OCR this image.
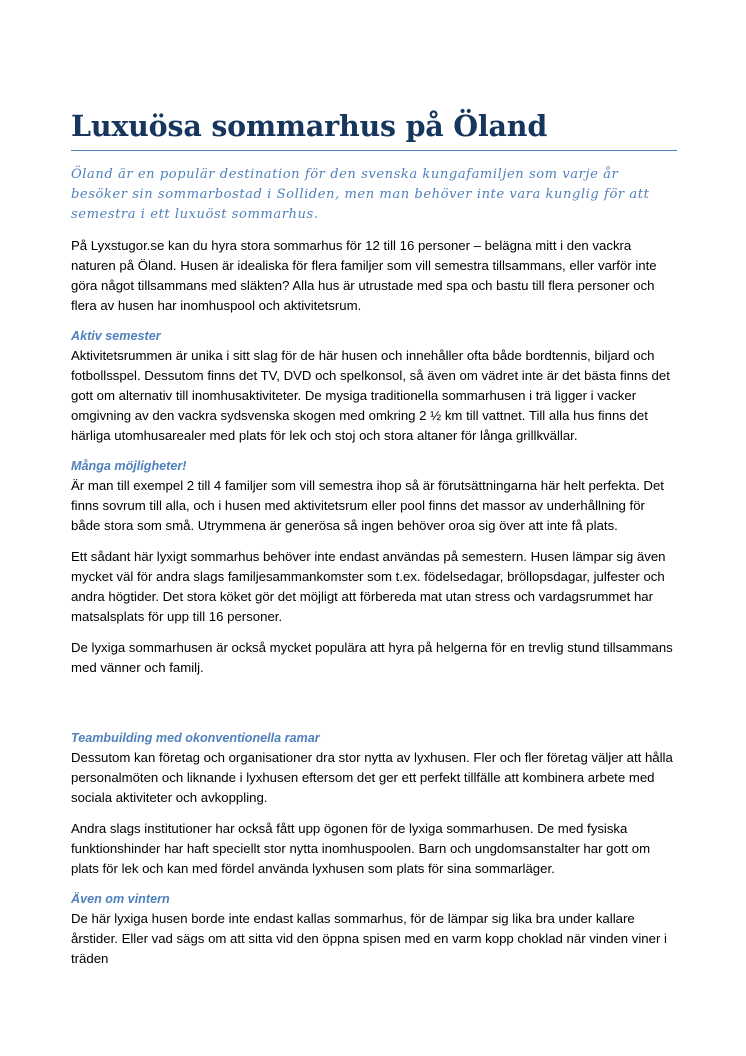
Luxuösa sommarhus på Öland

Öland är en populär destination för den svenska kungafamiljen som varje år besöker sin sommarbostad i Solliden, men man behöver inte vara kunglig för att semestra i ett luxuöst sommarhus.

På Lyxstugor.se kan du hyra stora sommarhus för 12 till 16 personer – belägna mitt i den vackra naturen på Öland. Husen är idealiska för flera familjer som vill semestra tillsammans, eller varför inte göra något tillsammans med släkten? Alla hus är utrustade med spa och bastu till flera personer och flera av husen har inomhuspool och aktivitetsrum.

Aktiv semester

Aktivitetsrummen är unika i sitt slag för de här husen och innehåller ofta både bordtennis, biljard och fotbollsspel. Dessutom finns det TV, DVD och spelkonsol, så även om vädret inte är det bästa finns det gott om alternativ till inomhusaktiviteter. De mysiga traditionella sommarhusen i trä ligger i vacker omgivning av den vackra sydsvenska skogen med omkring 2 ½ km till vattnet. Till alla hus finns det härliga utomhusarealer med plats för lek och stoj och stora altaner för långa grillkvällar.

Många möjligheter!

Är man till exempel 2 till 4 familjer som vill semestra ihop så är förutsättningarna här helt perfekta. Det finns sovrum till alla, och i husen med aktivitetsrum eller pool finns det massor av underhållning för både stora som små. Utrymmena är generösa så ingen behöver oroa sig över att inte få plats.

Ett sådant här lyxigt sommarhus behöver inte endast användas på semestern. Husen lämpar sig även mycket väl för andra slags familjesammankomster som t.ex. födelsedagar, bröllopsdagar, julfester och andra högtider. Det stora köket gör det möjligt att förbereda mat utan stress och vardagsrummet har matsalsplats för upp till 16 personer.

De lyxiga sommarhusen är också mycket populära att hyra på helgerna för en trevlig stund tillsammans med vänner och familj.

Teambuilding med okonventionella ramar

Dessutom kan företag och organisationer dra stor nytta av lyxhusen. Fler och fler företag väljer att hålla personalmöten och liknande i lyxhusen eftersom det ger ett perfekt tillfälle att kombinera arbete med sociala aktiviteter och avkoppling.

Andra slags institutioner har också fått upp ögonen för de lyxiga sommarhusen. De med fysiska funktionshinder har haft speciellt stor nytta inomhuspoolen. Barn och ungdomsanstalter har gott om plats för lek och kan med fördel använda lyxhusen som plats för sina sommarläger.

Även om vintern

De här lyxiga husen borde inte endast kallas sommarhus, för de lämpar sig lika bra under kallare årstider. Eller vad sägs om att sitta vid den öppna spisen med en varm kopp choklad när vinden viner i träden
